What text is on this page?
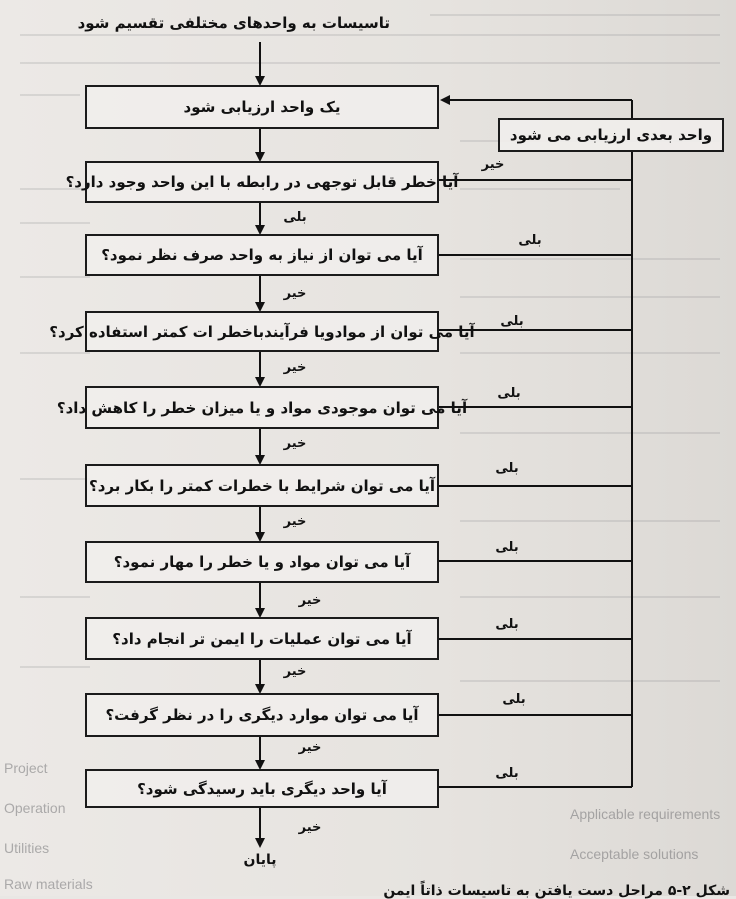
Project
Operation	Applicable requirements
Acceptable solutions
Utilities
Raw materials
تاسیسات به واحدهای مختلفی تقسیم شود
یک واحد ارزیابی شود
آیا خطر قابل توجهی در رابطه با این واحد وجود دارد؟
آیا می توان از نیاز به واحد صرف نظر نمود؟
آیا می توان از موادویا فرآیندباخطر ات کمتر استفاده کرد؟
آیا می توان موجودی مواد و یا میزان خطر را کاهش داد؟
آیا می توان شرایط با خطرات کمتر را بکار برد؟
آیا می توان مواد و یا خطر را مهار نمود؟
آیا می توان عملیات را ایمن تر انجام داد؟
آیا می توان موارد دیگری را در نظر گرفت؟
آیا واحد دیگری باید رسیدگی شود؟
واحد بعدی ارزیابی می شود
بلی
خیر
خیر
خیر
خیر
خیر
خیر
خیر
خیر
خیر
بلی
بلی
بلی
بلی
بلی
بلی
بلی
بلی
پایان
شکل ۲-۵ مراحل دست یافتن به تاسیسات ذاتاً ایمن
